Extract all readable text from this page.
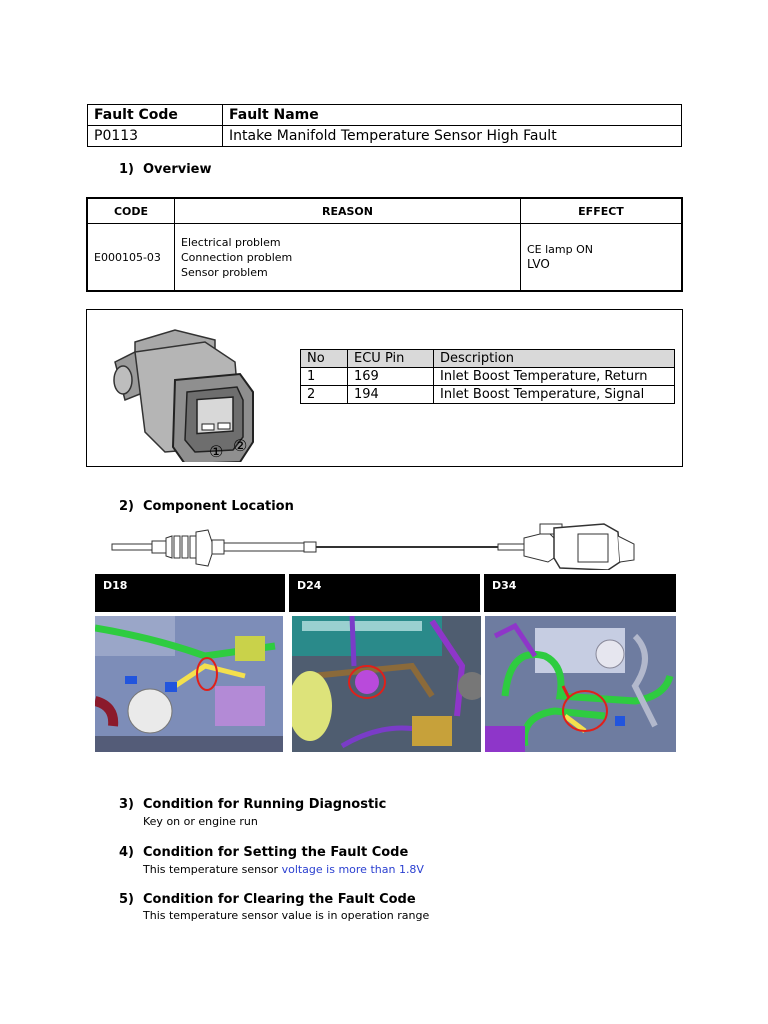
Fault Code	Fault Name
P0113	Intake Manifold Temperature Sensor High Fault
1) Overview
CODE	REASON	EFFECT
E000105-03	Electrical problem
Connection problem
Sensor problem	CE lamp ON
LVO
① ②
No	ECU Pin	Description
1	169	Inlet Boost Temperature, Return
2	194	Inlet Boost Temperature, Signal
2) Component Location
D18	D24	D34
3) Condition for Running Diagnostic
Key on or engine run
4) Condition for Setting the Fault Code
This temperature sensor voltage is more than 1.8V
5) Condition for Clearing the Fault Code
This temperature sensor value is in operation range
